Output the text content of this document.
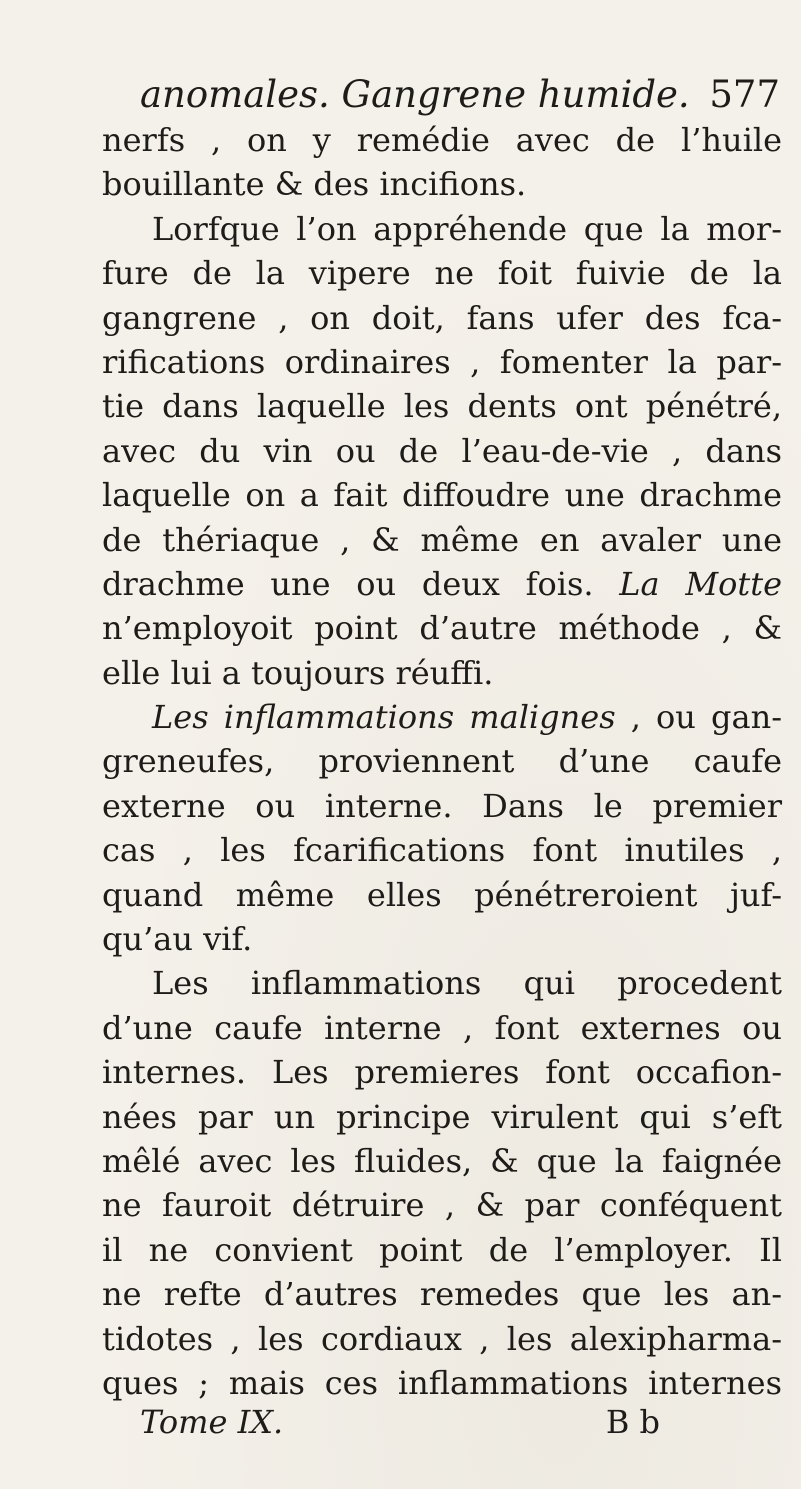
anomales. Gangrene humide. 577
nerfs , on y remédie avec de l’huile
bouillante & des incifions.
Lorfque l’on appréhende que la mor-
fure de la vipere ne foit fuivie de la
gangrene , on doit, fans ufer des fca-
rifications ordinaires , fomenter la par-
tie dans laquelle les dents ont pénétré,
avec du vin ou de l’eau-de-vie , dans
laquelle on a fait diffoudre une drachme
de thériaque , & même en avaler une
drachme une ou deux fois. La Motte
n’employoit point d’autre méthode , &
elle lui a toujours réuffi.
Les inflammations malignes , ou gan-
greneufes, proviennent d’une caufe
externe ou interne. Dans le premier
cas , les fcarifications font inutiles ,
quand même elles pénétreroient juf-
qu’au vif.
Les inflammations qui procedent
d’une caufe interne , font externes ou
internes. Les premieres font occafion-
nées par un principe virulent qui s’eft
mêlé avec les fluides, & que la faignée
ne fauroit détruire , & par conféquent
il ne convient point de l’employer. Il
ne refte d’autres remedes que les an-
tidotes , les cordiaux , les alexipharma-
ques ; mais ces inflammations internes
Tome IX.	B b
